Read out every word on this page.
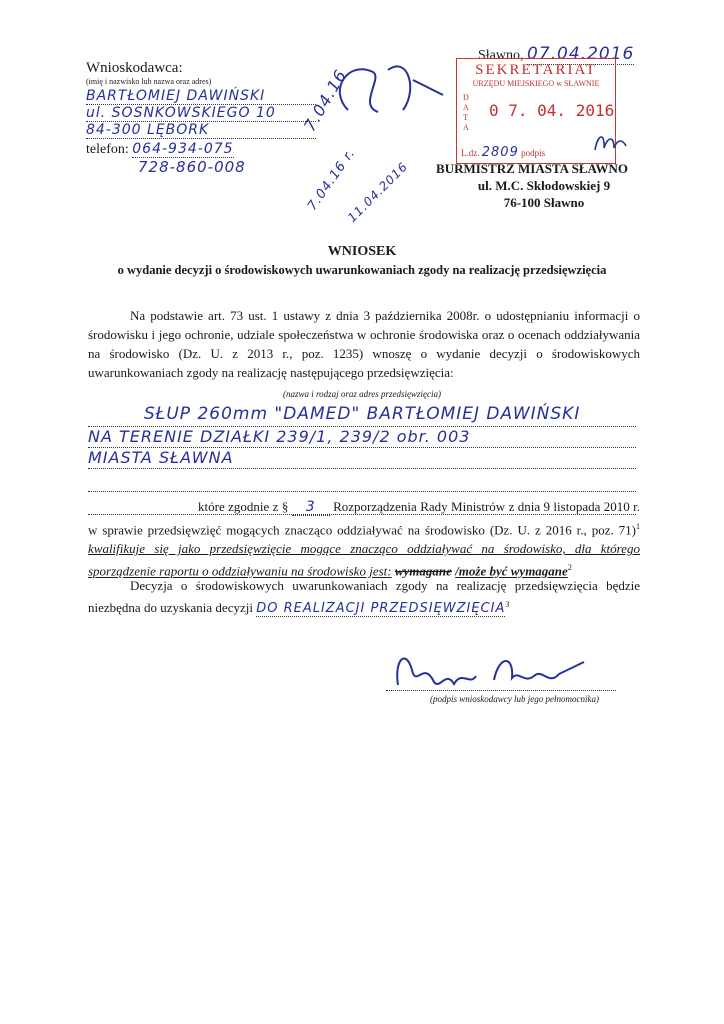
Sławno, 07.04.2016
Wnioskodawca:
(imię i nazwisko lub nazwa oraz adres)
BARTŁOMIEJ DAWIŃSKI
ul. SOSNKOWSKIEGO 10
84-300 LĘBORK
telefon: 064-934-075
728-860-008
7.04.16
7.04.16 r.
11.04.2016
SEKRETARIAT
URZĘDU MIEJSKIEGO w SŁAWNIE
DATA
0 7. 04. 2016
L.dz. 2809 podpis
BURMISTRZ MIASTA SŁAWNO
ul. M.C. Skłodowskiej 9
76-100 Sławno
WNIOSEK
o wydanie decyzji o środowiskowych uwarunkowaniach zgody na realizację przedsięwzięcia
Na podstawie art. 73 ust. 1 ustawy z dnia 3 października 2008r. o udostępnianiu informacji o środowisku i jego ochronie, udziale społeczeństwa w ochronie środowiska oraz o ocenach oddziaływania na środowisko (Dz. U. z 2013 r., poz. 1235) wnoszę o wydanie decyzji o środowiskowych uwarunkowaniach zgody na realizację następującego przedsięwzięcia:
(nazwa i rodzaj oraz adres przedsięwzięcia)
SŁUP 260mm "DAMED" BARTŁOMIEJ DAWIŃSKI
NA TERENIE DZIAŁKI 239/1, 239/2 obr. 003
MIASTA SŁAWNA
które zgodnie z § 3 Rozporządzenia Rady Ministrów z dnia 9 listopada 2010 r. w sprawie przedsięwzięć mogących znacząco oddziaływać na środowisko (Dz. U. z 2016 r., poz. 71)$^1$ kwalifikuje się jako przedsięwzięcie mogące znacząco oddziaływać na środowisko, dla którego sporządzenie raportu o oddziaływaniu na środowisko jest: wymagane /może być wymagane$^2$
Decyzja o środowiskowych uwarunkowaniach zgody na realizację przedsięwzięcia będzie niezbędna do uzyskania decyzji DO REALIZACJI PRZEDSIĘWZIĘCIA$^3$
(podpis wnioskodawcy lub jego pełnomocnika)
